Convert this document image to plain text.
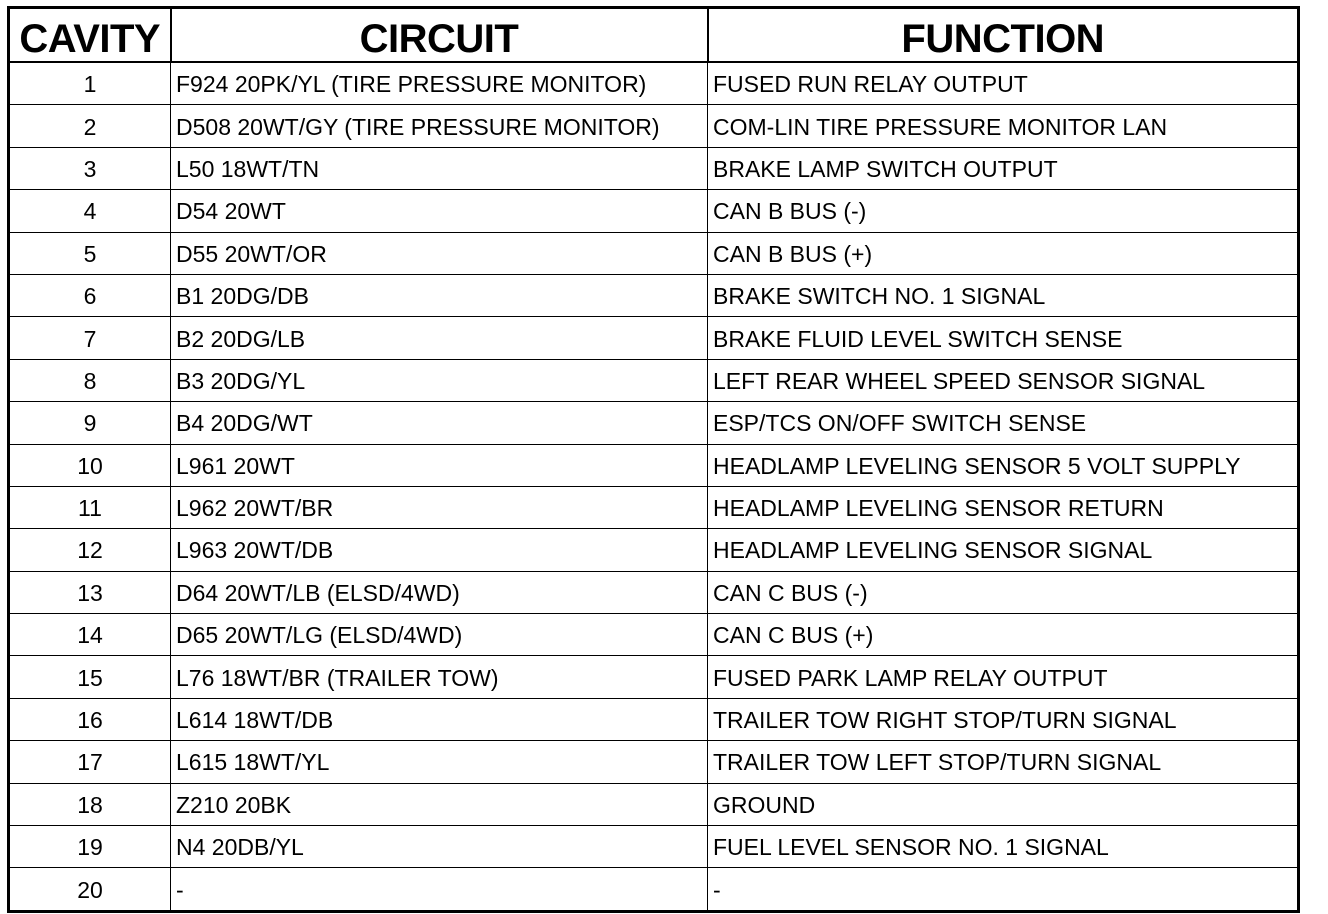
CAVITY	CIRCUIT	FUNCTION
1	F924 20PK/YL (TIRE PRESSURE MONITOR)	FUSED RUN RELAY OUTPUT
2	D508 20WT/GY (TIRE PRESSURE MONITOR)	COM-LIN TIRE PRESSURE MONITOR LAN
3	L50 18WT/TN	BRAKE LAMP SWITCH OUTPUT
4	D54 20WT	CAN B BUS (-)
5	D55 20WT/OR	CAN B BUS (+)
6	B1 20DG/DB	BRAKE SWITCH NO. 1 SIGNAL
7	B2 20DG/LB	BRAKE FLUID LEVEL SWITCH SENSE
8	B3 20DG/YL	LEFT REAR WHEEL SPEED SENSOR SIGNAL
9	B4 20DG/WT	ESP/TCS ON/OFF SWITCH SENSE
10	L961 20WT	HEADLAMP LEVELING SENSOR 5 VOLT SUPPLY
11	L962 20WT/BR	HEADLAMP LEVELING SENSOR RETURN
12	L963 20WT/DB	HEADLAMP LEVELING SENSOR SIGNAL
13	D64 20WT/LB (ELSD/4WD)	CAN C BUS (-)
14	D65 20WT/LG (ELSD/4WD)	CAN C BUS (+)
15	L76 18WT/BR (TRAILER TOW)	FUSED PARK LAMP RELAY OUTPUT
16	L614 18WT/DB	TRAILER TOW RIGHT STOP/TURN SIGNAL
17	L615 18WT/YL	TRAILER TOW LEFT STOP/TURN SIGNAL
18	Z210 20BK	GROUND
19	N4 20DB/YL	FUEL LEVEL SENSOR NO. 1 SIGNAL
20	-	-
